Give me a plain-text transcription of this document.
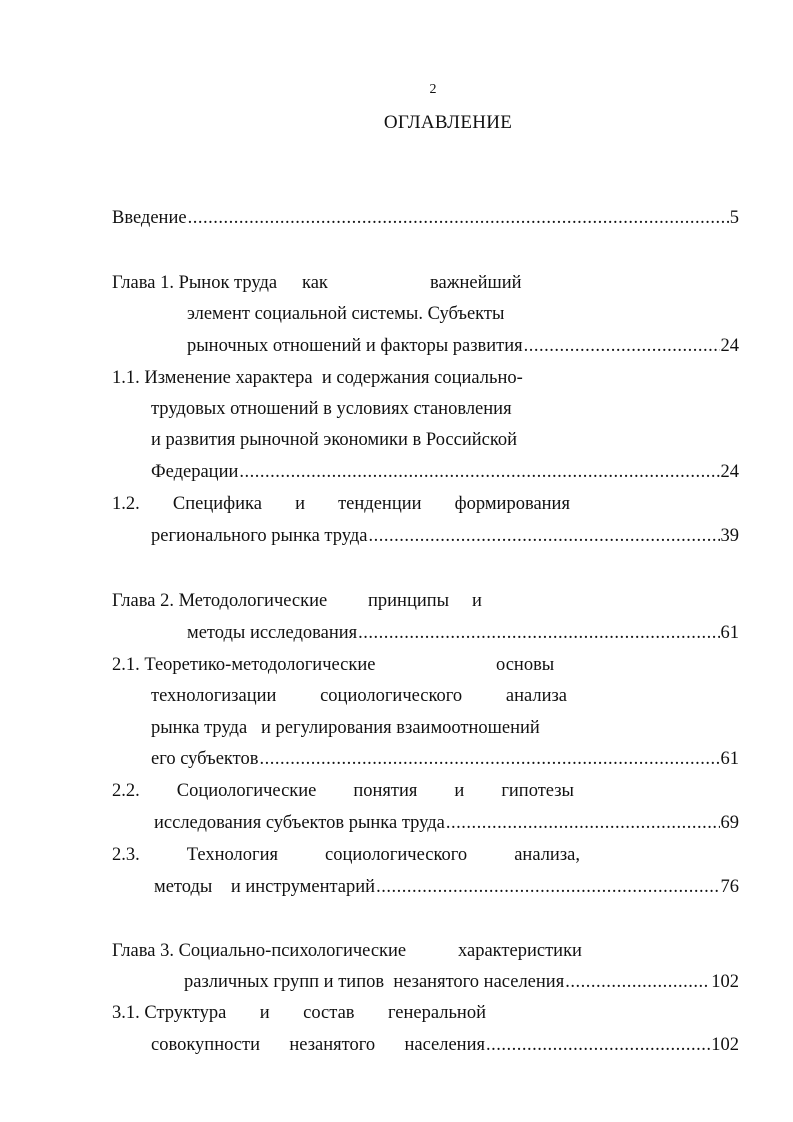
2
ОГЛАВЛЕНИЕ
Введение .....	5
Глава 1. Рынок труда как	важнейший
элемент социальной системы. Субъекты
рыночных отношений и факторы развития .....	24
1.1. Изменение характера  и содержания социально-
трудовых отношений в условиях становления
и развития рыночной экономики в Российской
Федерации .....	24
1.2. Специфика и тенденции формирования
регионального рынка труда .....	39
Глава 2. Методологические принципы и
методы исследования .....	61
2.1. Теоретико-методологические	основы
технологизации социологического анализа
рынка труда   и регулирования взаимоотношений
его субъектов .....	61
2.2. Социологические понятия и гипотезы
исследования субъектов рынка труда .....	69
2.3.	Технология	социологического	анализа,
методы    и инструментарий .....	76
Глава 3. Социально-психологические	характеристики
различных групп и типов  незанятого населения .....	102
3.1. Структура и состав генеральной
совокупности незанятого населения .....	102
